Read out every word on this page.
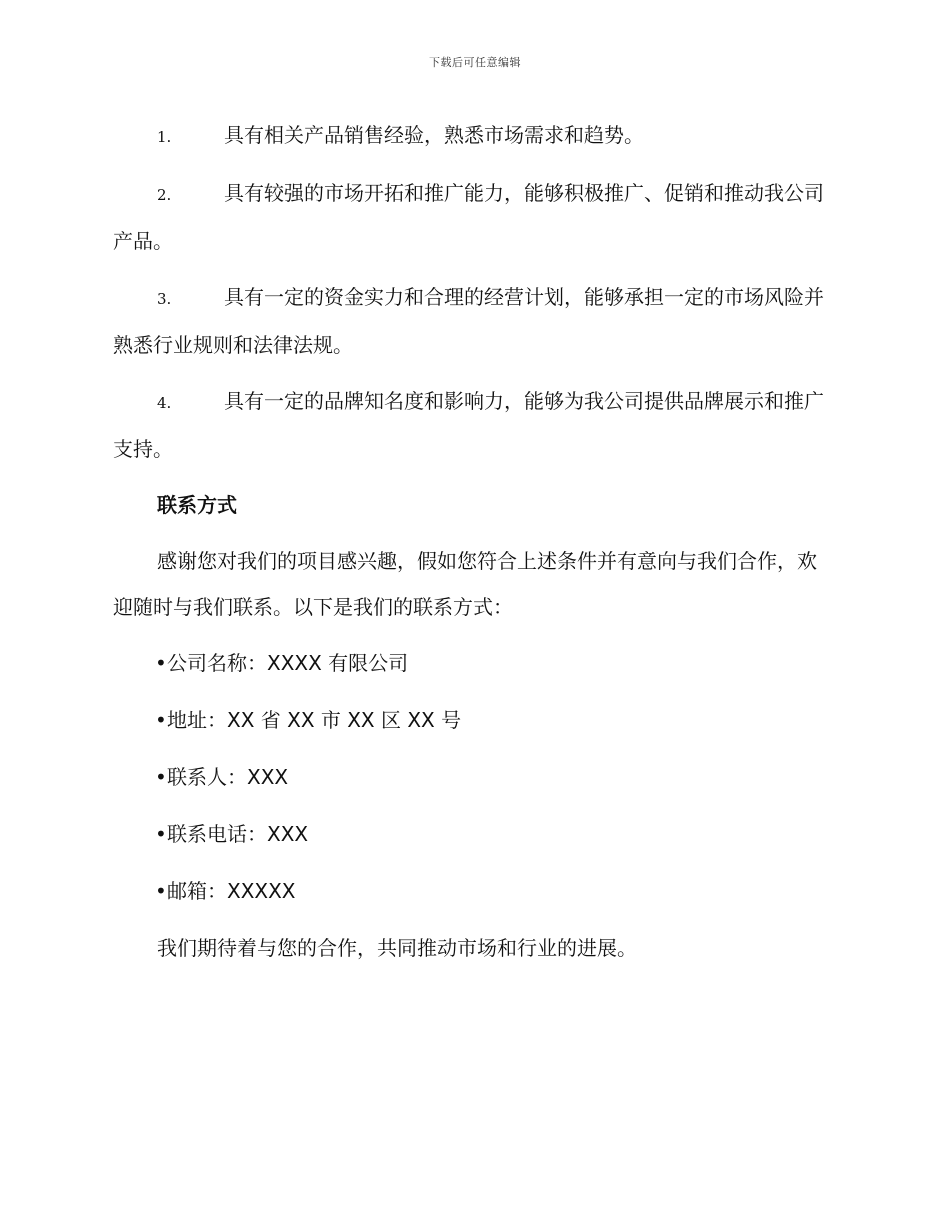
下载后可任意编辑
1.	具有相关产品销售经验，熟悉市场需求和趋势。
2.	具有较强的市场开拓和推广能力，能够积极推广、促销和推动我公司产品。
3.	具有一定的资金实力和合理的经营计划，能够承担一定的市场风险并熟悉行业规则和法律法规。
4.	具有一定的品牌知名度和影响力，能够为我公司提供品牌展示和推广支持。
联系方式
感谢您对我们的项目感兴趣，假如您符合上述条件并有意向与我们合作，欢迎随时与我们联系。以下是我们的联系方式：
•公司名称：XXXX 有限公司
•地址：XX 省 XX 市 XX 区 XX 号
•联系人：XXX
•联系电话：XXX
•邮箱：XXXXX
我们期待着与您的合作，共同推动市场和行业的进展。
